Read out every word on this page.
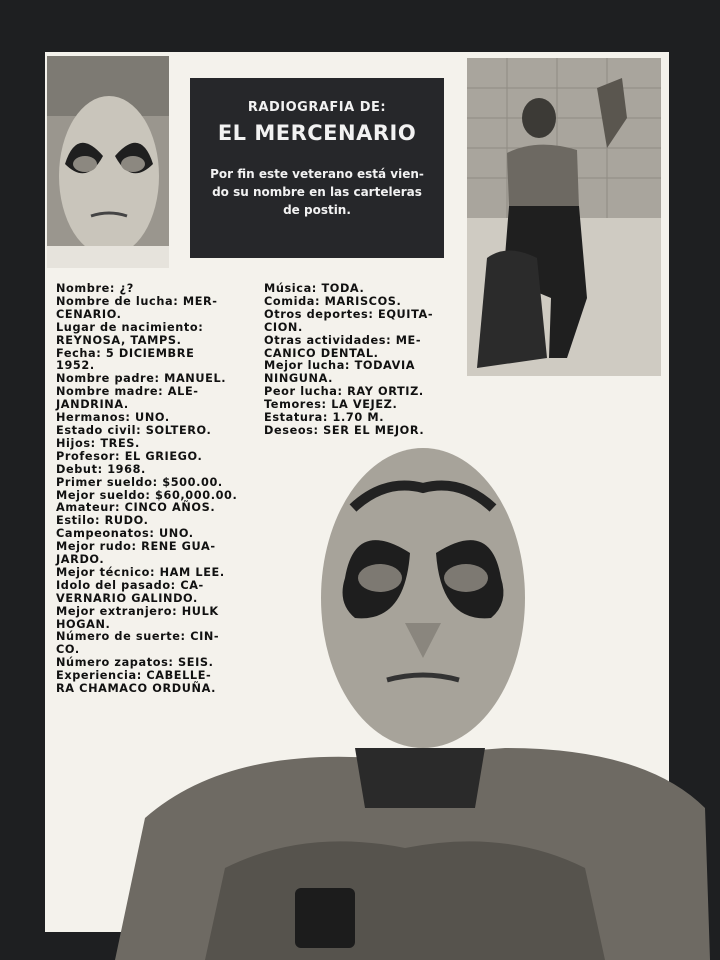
RADIOGRAFIA DE:
EL MERCENARIO
Por fin este veterano está vien-
do su nombre en las carteleras
de postin.
Nombre: ¿?
Nombre de lucha: MER-
CENARIO.
Lugar de nacimiento:
REYNOSA, TAMPS.
Fecha: 5 DICIEMBRE
1952.
Nombre padre: MANUEL.
Nombre madre: ALE-
JANDRINA.
Hermanos: UNO.
Estado civil: SOLTERO.
Hijos: TRES.
Profesor: EL GRIEGO.
Debut: 1968.
Primer sueldo: $500.00.
Mejor sueldo: $60,000.00.
Amateur: CINCO AÑOS.
Estilo: RUDO.
Campeonatos: UNO.
Mejor rudo: RENE GUA-
JARDO.
Mejor técnico: HAM LEE.
Idolo del pasado: CA-
VERNARIO GALINDO.
Mejor extranjero: HULK
HOGAN.
Número de suerte: CIN-
CO.
Número zapatos: SEIS.
Experiencia: CABELLE-
RA CHAMACO ORDUÑA.
Música: TODA.
Comida: MARISCOS.
Otros deportes: EQUITA-
CION.
Otras actividades: ME-
CANICO DENTAL.
Mejor lucha: TODAVIA
NINGUNA.
Peor lucha: RAY ORTIZ.
Temores: LA VEJEZ.
Estatura: 1.70 M.
Deseos: SER EL MEJOR.
